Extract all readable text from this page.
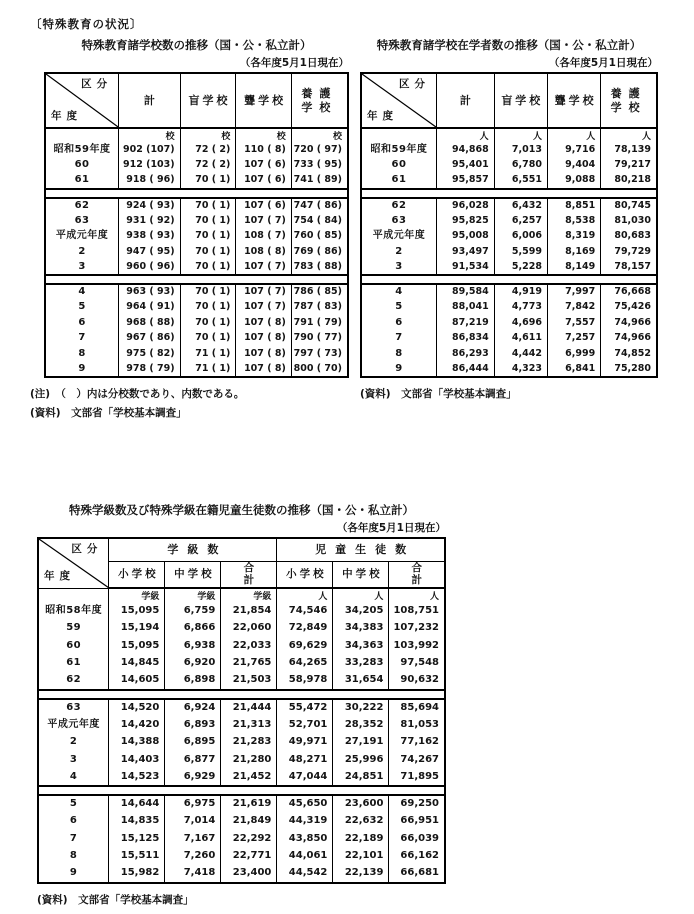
〔特殊教育の状況〕
特殊教育諸学校数の推移（国・公・私立計）
（各年度5月1日現在）
区分
年度	計	盲学校	聾学校	養護
学校
	校	校	校	校
昭和59年度	902 (107)	72 ( 2)	110 ( 8)	720 ( 97)
60	912 (103)	72 ( 2)	107 ( 6)	733 ( 95)
61	918 ( 96)	70 ( 1)	107 ( 6)	741 ( 89)

62	924 ( 93)	70 ( 1)	107 ( 6)	747 ( 86)
63	931 ( 92)	70 ( 1)	107 ( 7)	754 ( 84)
平成元年度	938 ( 93)	70 ( 1)	108 ( 7)	760 ( 85)
2	947 ( 95)	70 ( 1)	108 ( 8)	769 ( 86)
3	960 ( 96)	70 ( 1)	107 ( 7)	783 ( 88)

4	963 ( 93)	70 ( 1)	107 ( 7)	786 ( 85)
5	964 ( 91)	70 ( 1)	107 ( 7)	787 ( 83)
6	968 ( 88)	70 ( 1)	107 ( 8)	791 ( 79)
7	967 ( 86)	70 ( 1)	107 ( 8)	790 ( 77)
8	975 ( 82)	71 ( 1)	107 ( 8)	797 ( 73)
9	978 ( 79)	71 ( 1)	107 ( 8)	800 ( 70)
(注)　（　）内は分校数であり、内数である。
(資料)　文部省「学校基本調査」
特殊教育諸学校在学者数の推移（国・公・私立計）
（各年度5月1日現在）
区分
年度	計	盲学校	聾学校	養護
学校
	人	人	人	人
昭和59年度	94,868	7,013	9,716	78,139
60	95,401	6,780	9,404	79,217
61	95,857	6,551	9,088	80,218

62	96,028	6,432	8,851	80,745
63	95,825	6,257	8,538	81,030
平成元年度	95,008	6,006	8,319	80,683
2	93,497	5,599	8,169	79,729
3	91,534	5,228	8,149	78,157

4	89,584	4,919	7,997	76,668
5	88,041	4,773	7,842	75,426
6	87,219	4,696	7,557	74,966
7	86,834	4,611	7,257	74,966
8	86,293	4,442	6,999	74,852
9	86,444	4,323	6,841	75,280
(資料)　文部省「学校基本調査」
特殊学級数及び特殊学級在籍児童生徒数の推移（国・公・私立計）
（各年度5月1日現在）
区分
年度	学級数			児童生徒数		
	小学校	中学校	合計	小学校	中学校	合計
	学級	学級	学級	人	人	人
昭和58年度	15,095	6,759	21,854	74,546	34,205	108,751
59	15,194	6,866	22,060	72,849	34,383	107,232
60	15,095	6,938	22,033	69,629	34,363	103,992
61	14,845	6,920	21,765	64,265	33,283	97,548
62	14,605	6,898	21,503	58,978	31,654	90,632

63	14,520	6,924	21,444	55,472	30,222	85,694
平成元年度	14,420	6,893	21,313	52,701	28,352	81,053
2	14,388	6,895	21,283	49,971	27,191	77,162
3	14,403	6,877	21,280	48,271	25,996	74,267
4	14,523	6,929	21,452	47,044	24,851	71,895

5	14,644	6,975	21,619	45,650	23,600	69,250
6	14,835	7,014	21,849	44,319	22,632	66,951
7	15,125	7,167	22,292	43,850	22,189	66,039
8	15,511	7,260	22,771	44,061	22,101	66,162
9	15,982	7,418	23,400	44,542	22,139	66,681
(資料)　文部省「学校基本調査」
